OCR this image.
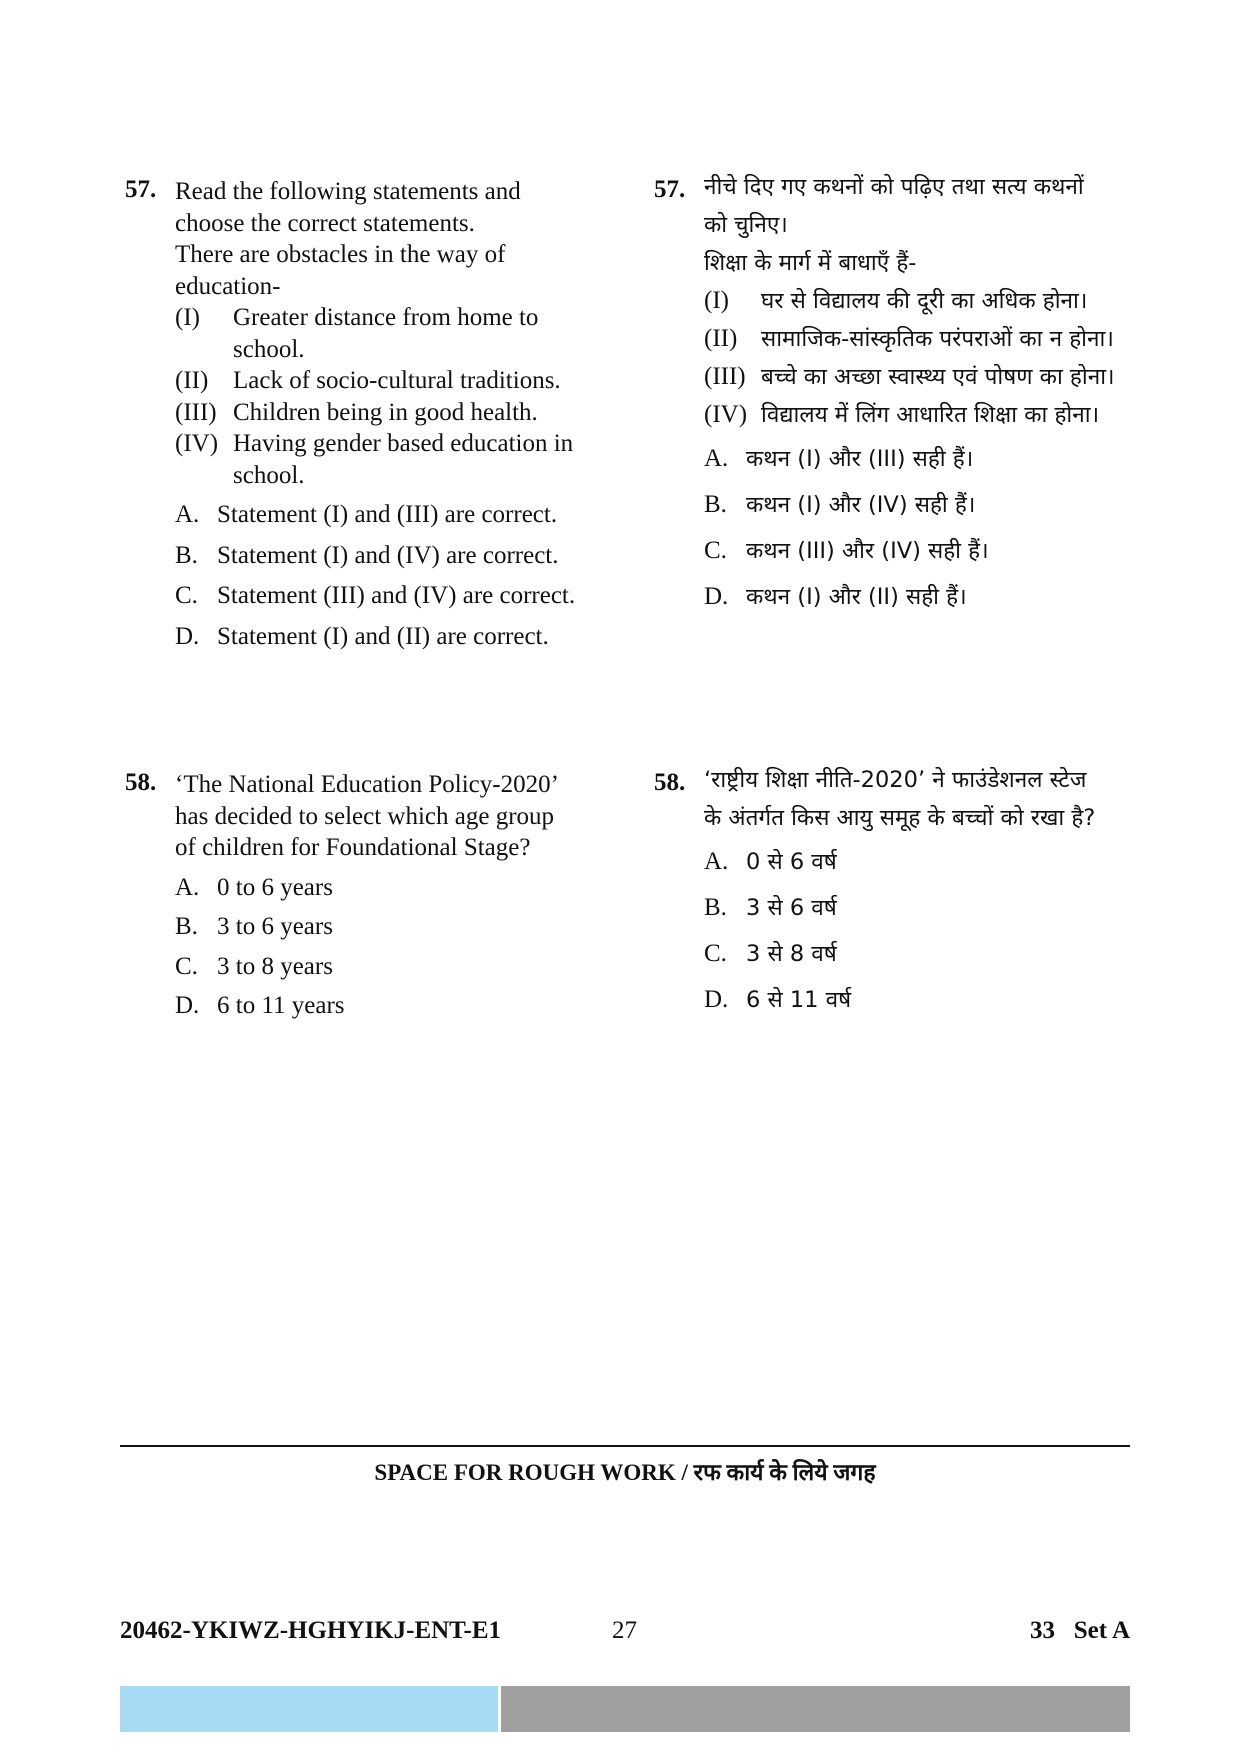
57. Read the following statements and
choose the correct statements.
There are obstacles in the way of
education-
(I) Greater distance from home to school.
(II) Lack of socio-cultural traditions.
(III) Children being in good health.
(IV) Having gender based education in school.
A. Statement (I) and (III) are correct.
B. Statement (I) and (IV) are correct.
C. Statement (III) and (IV) are correct.
D. Statement (I) and (II) are correct.
57. नीचे दिए गए कथनों को पढ़िए तथा सत्य कथनों
को चुनिए।
शिक्षा के मार्ग में बाधाएँ हैं-
(I) घर से विद्यालय की दूरी का अधिक होना।
(II) सामाजिक-सांस्कृतिक परंपराओं का न होना।
(III) बच्चे का अच्छा स्वास्थ्य एवं पोषण का होना।
(IV) विद्यालय में लिंग आधारित शिक्षा का होना।
A. कथन (I) और (III) सही हैं।
B. कथन (I) और (IV) सही हैं।
C. कथन (III) और (IV) सही हैं।
D. कथन (I) और (II) सही हैं।
58. ‘The National Education Policy-2020’
has decided to select which age group
of children for Foundational Stage?
A. 0 to 6 years
B. 3 to 6 years
C. 3 to 8 years
D. 6 to 11 years
58. ‘राष्ट्रीय शिक्षा नीति-2020’ ने फाउंडेशनल स्टेज
के अंतर्गत किस आयु समूह के बच्चों को रखा है?
A. 0 से 6 वर्ष
B. 3 से 6 वर्ष
C. 3 से 8 वर्ष
D. 6 से 11 वर्ष
SPACE FOR ROUGH WORK / रफ कार्य के लिये जगह
20462-YKIWZ-HGHYIKJ-ENT-E1	27	33   Set A
